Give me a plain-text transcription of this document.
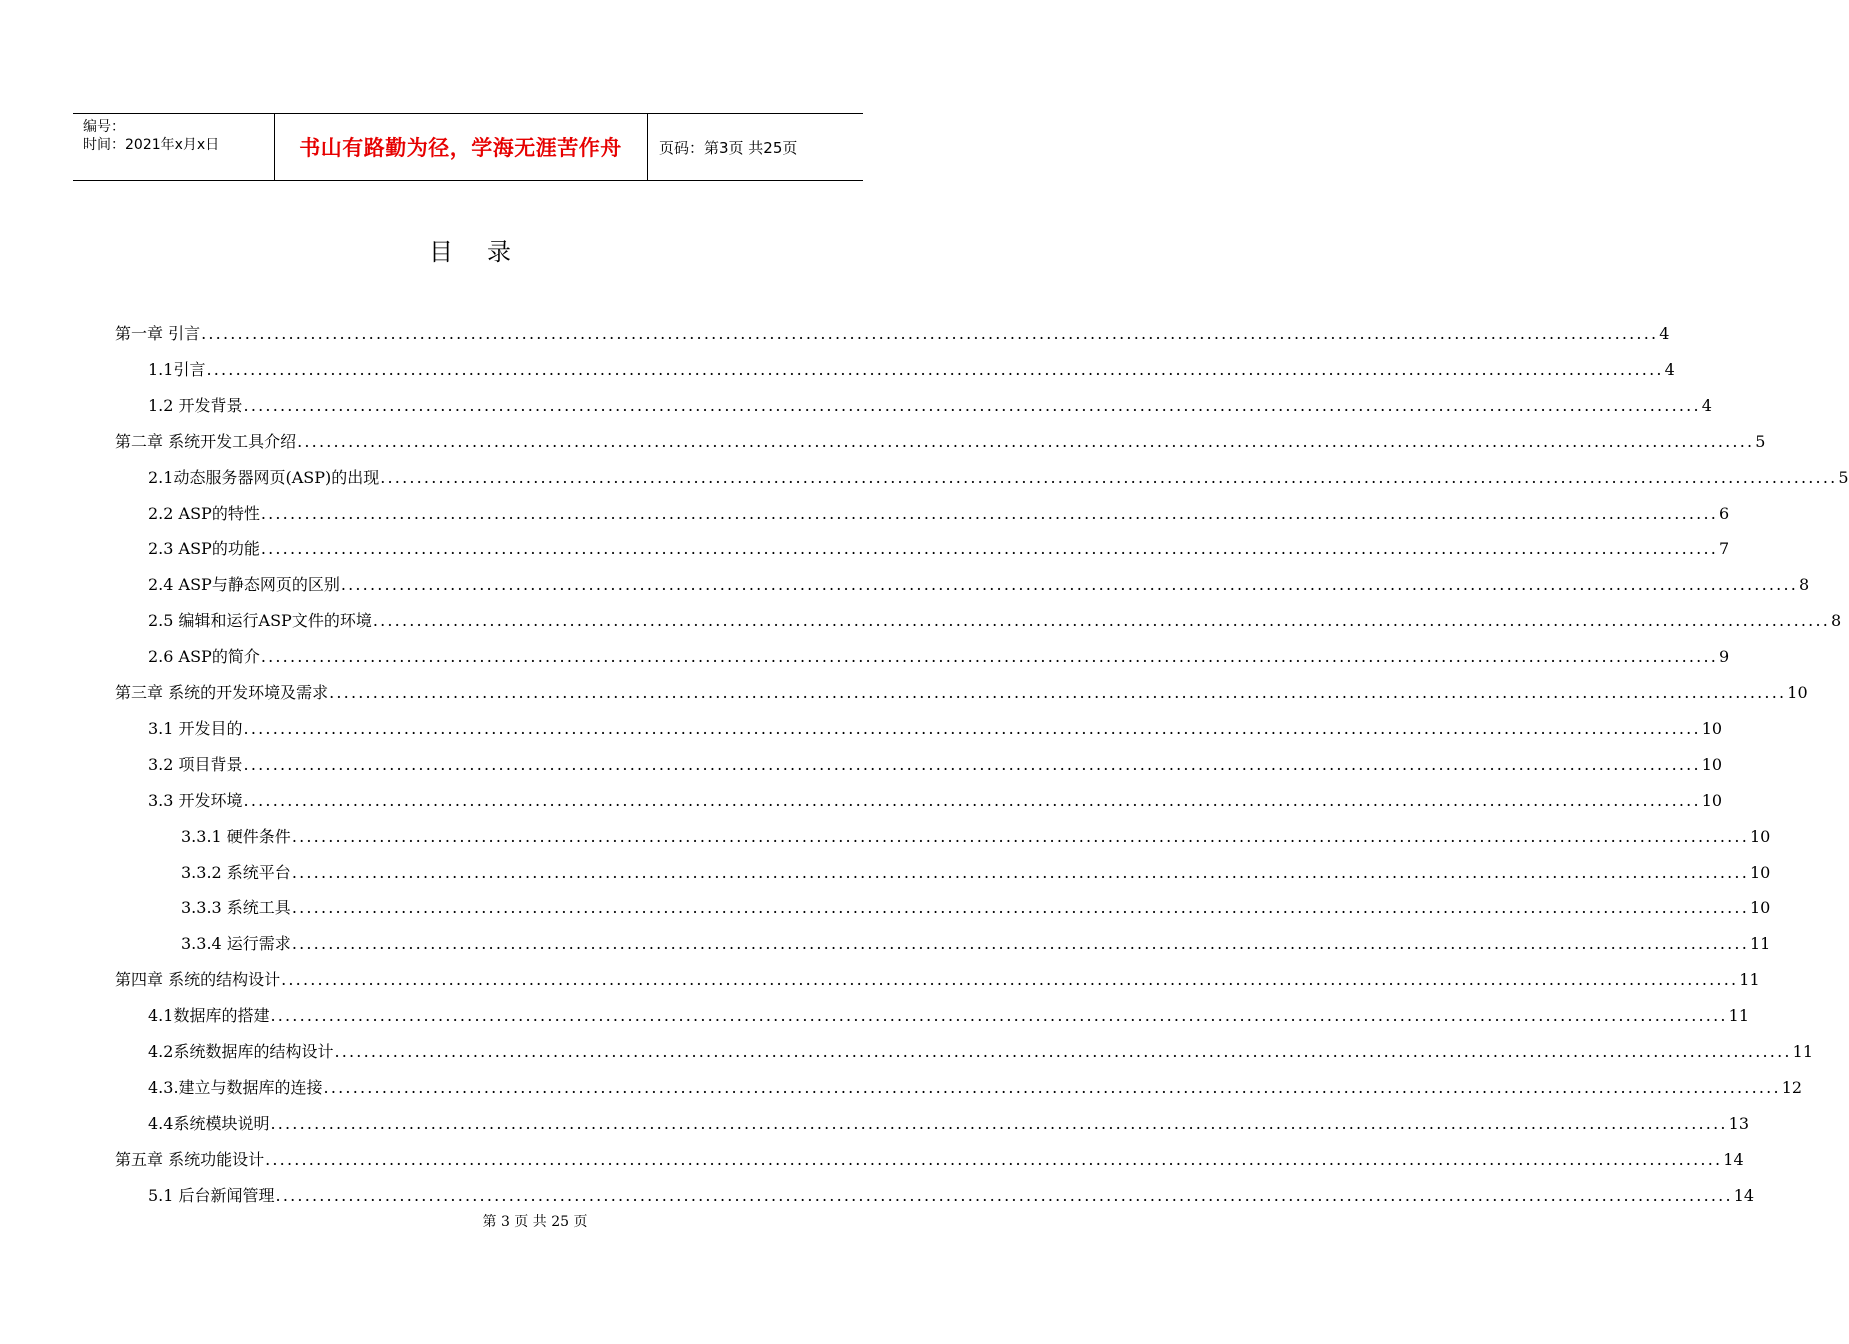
编号：
时间：2021年x月x日	书山有路勤为径，学海无涯苦作舟	页码：第3页 共25页
目录
第一章 引言 ........................................................................................................................................................................................................ 4
1.1引言 ........................................................................................................................................................................................................ 4
1.2 开发背景 ........................................................................................................................................................................................................ 4
第二章 系统开发工具介绍 ........................................................................................................................................................................................................ 5
2.1动态服务器网页(ASP)的出现 ........................................................................................................................................................................................................ 5
2.2 ASP的特性 ........................................................................................................................................................................................................ 6
2.3 ASP的功能 ........................................................................................................................................................................................................ 7
2.4 ASP与静态网页的区别 ........................................................................................................................................................................................................ 8
2.5 编辑和运行ASP文件的环境 ........................................................................................................................................................................................................ 8
2.6 ASP的简介 ........................................................................................................................................................................................................ 9
第三章 系统的开发环境及需求 ........................................................................................................................................................................................................ 10
3.1 开发目的 ........................................................................................................................................................................................................ 10
3.2 项目背景 ........................................................................................................................................................................................................ 10
3.3 开发环境 ........................................................................................................................................................................................................ 10
3.3.1 硬件条件 ........................................................................................................................................................................................................ 10
3.3.2 系统平台 ........................................................................................................................................................................................................ 10
3.3.3 系统工具 ........................................................................................................................................................................................................ 10
3.3.4 运行需求 ........................................................................................................................................................................................................ 11
第四章 系统的结构设计 ........................................................................................................................................................................................................ 11
4.1数据库的搭建 ........................................................................................................................................................................................................ 11
4.2系统数据库的结构设计 ........................................................................................................................................................................................................ 11
4.3.建立与数据库的连接 ........................................................................................................................................................................................................ 12
4.4系统模块说明 ........................................................................................................................................................................................................ 13
第五章 系统功能设计 ........................................................................................................................................................................................................ 14
5.1 后台新闻管理 ........................................................................................................................................................................................................ 14
第 3 页 共 25 页
